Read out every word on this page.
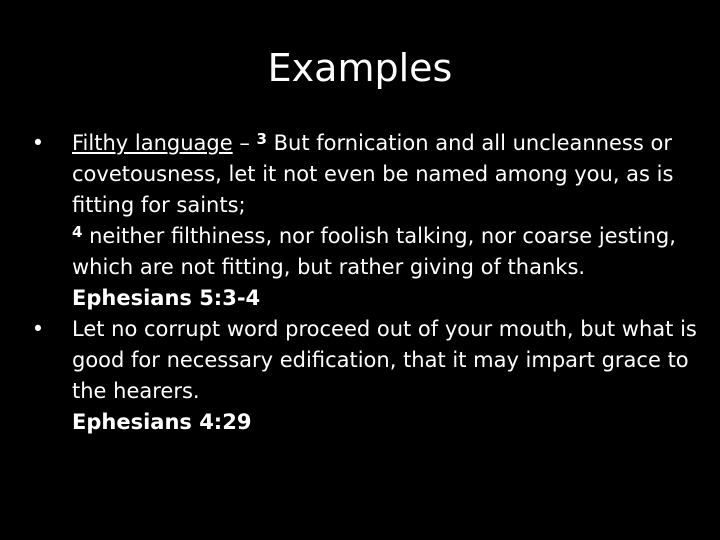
Examples
• Filthy language – $^3$ But fornication and all uncleanness or covetousness, let it not even be named among you, as is fitting for saints;
$^4$ neither filthiness, nor foolish talking, nor coarse jesting, which are not fitting, but rather giving of thanks.
Ephesians 5:3-4
• Let no corrupt word proceed out of your mouth, but what is good for necessary edification, that it may impart grace to the hearers.
Ephesians 4:29
